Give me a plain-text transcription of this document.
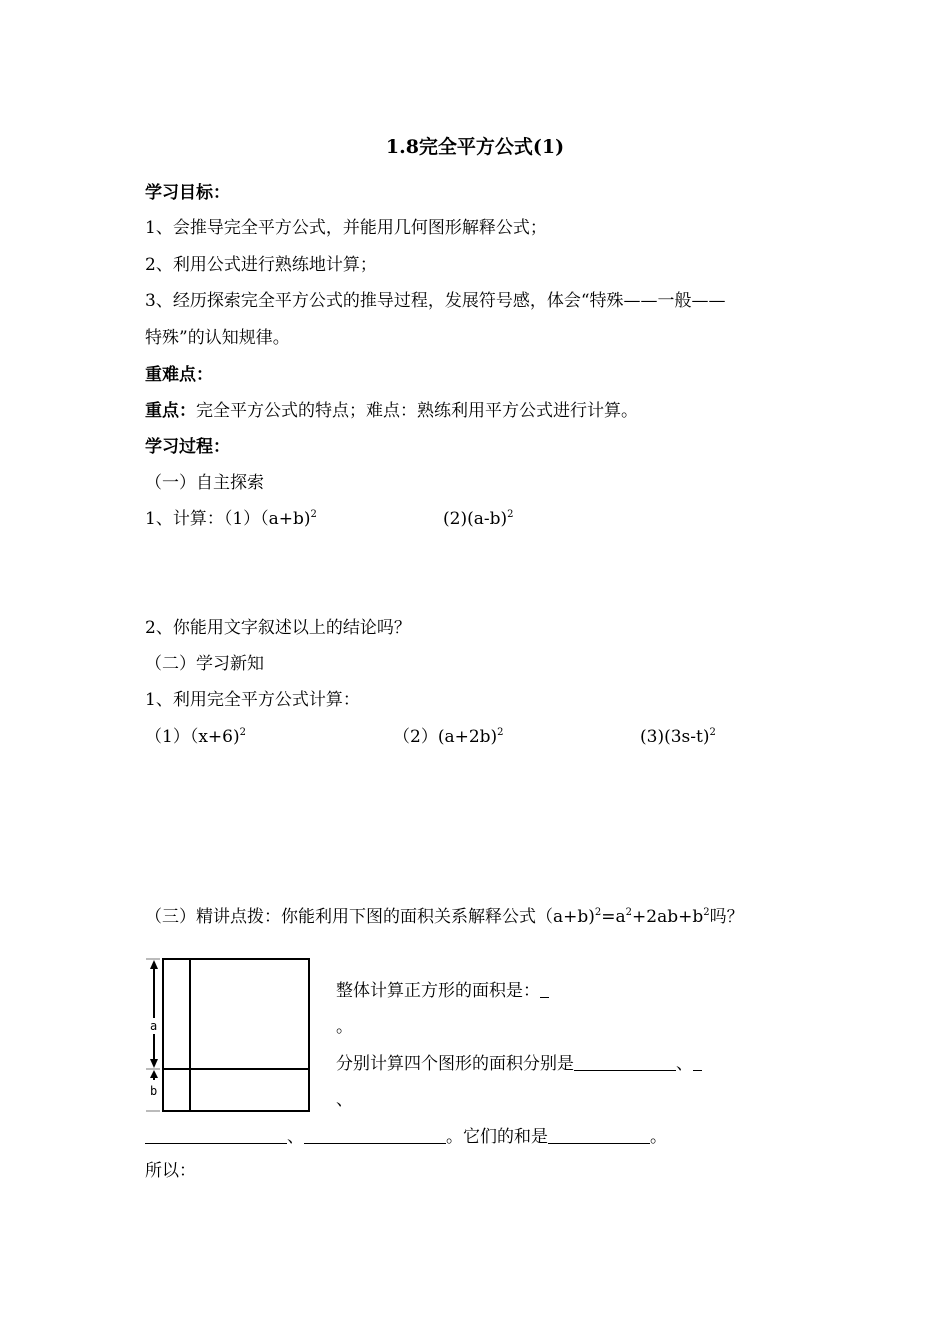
1.8完全平方公式(1)
学习目标：
1、会推导完全平方公式，并能用几何图形解释公式；
2、利用公式进行熟练地计算；
3、经历探索完全平方公式的推导过程，发展符号感，体会“特殊——一般——
特殊”的认知规律。
重难点：
重点：完全平方公式的特点；难点：熟练利用平方公式进行计算。
学习过程：
（一）自主探索
1、计算：（1）（a+b)$^2$	$(2)(a-b)^2$
2、你能用文字叙述以上的结论吗？
（二）学习新知
1、利用完全平方公式计算：
（1）（x+6)$^2$	$(2)(a+2b)^2$	$(3)(3s-t)^2$
（三）精讲点拨：你能利用下图的面积关系解释公式$(a+b)^2=a^2+2ab+b^2$吗？
a
b
整体计算正方形的面积是：
。
分别计算四个图形的面积分别是	、
、
、	。它们的和是	。
所以：
